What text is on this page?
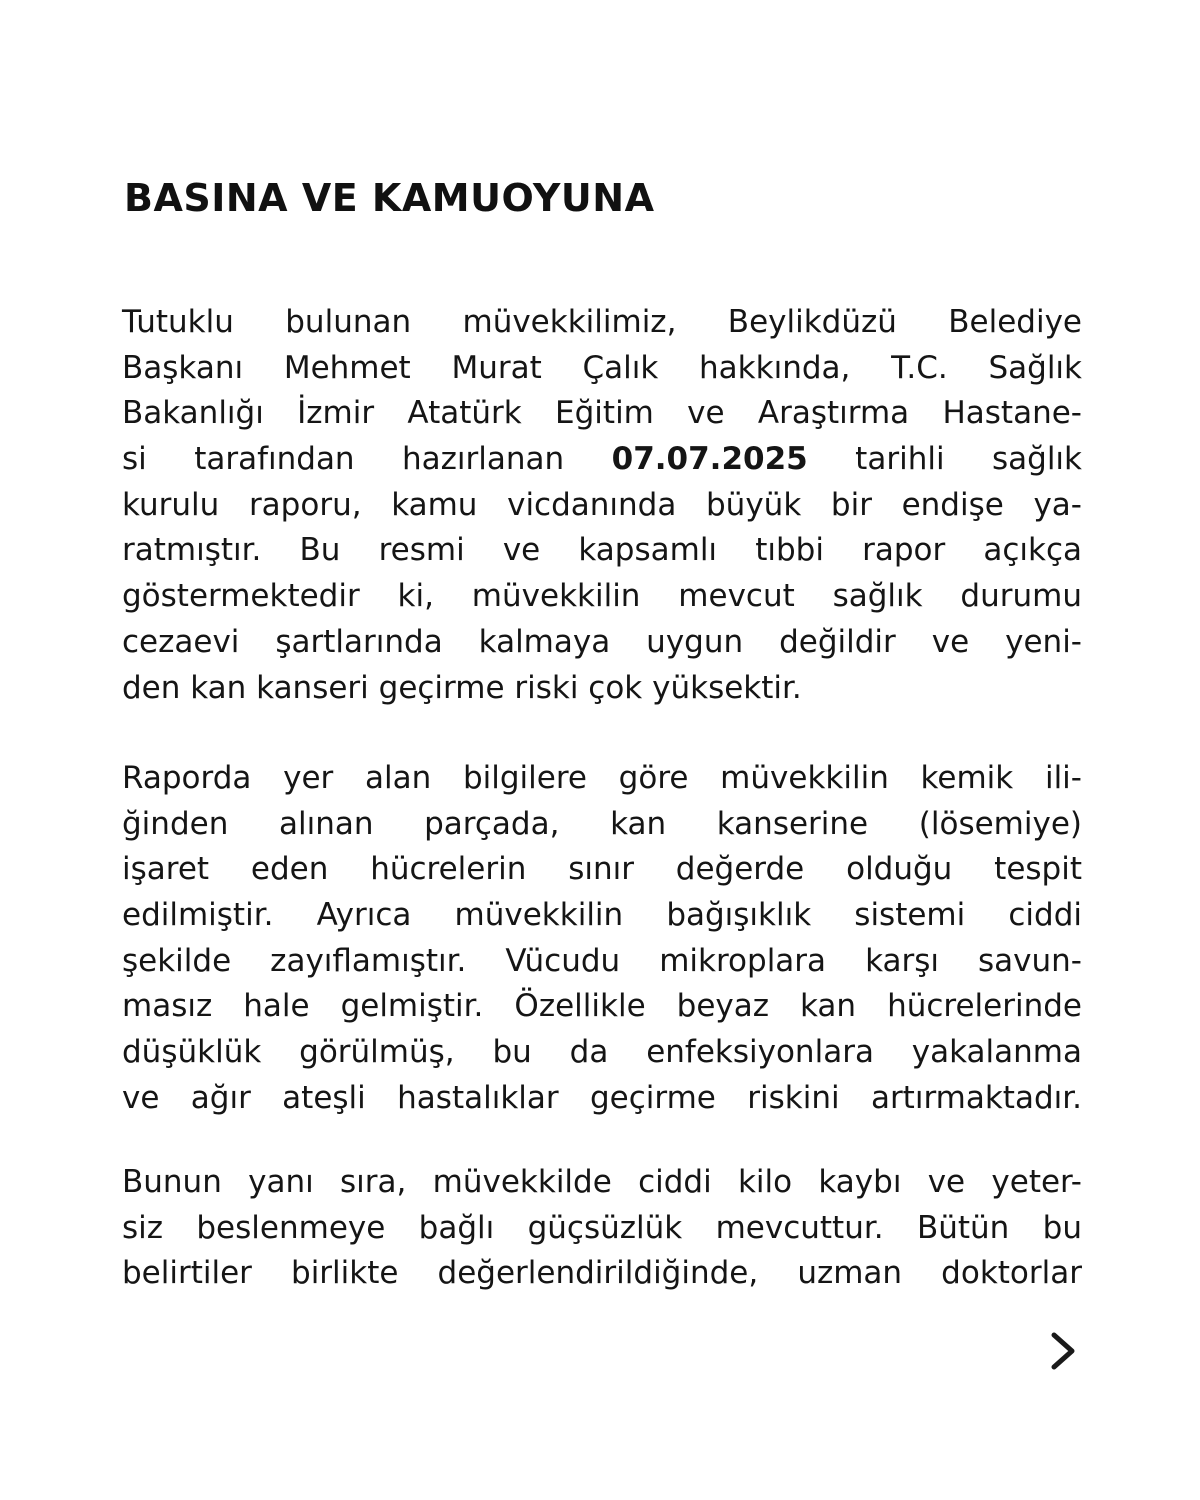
BASINA VE KAMUOYUNA
Tutuklu bulunan müvekkilimiz, Beylikdüzü Belediye
Başkanı Mehmet Murat Çalık hakkında, T.C. Sağlık
Bakanlığı İzmir Atatürk Eğitim ve Araştırma Hastane-
si tarafından hazırlanan 07.07.2025 tarihli sağlık
kurulu raporu, kamu vicdanında büyük bir endişe ya-
ratmıştır. Bu resmi ve kapsamlı tıbbi rapor açıkça
göstermektedir ki, müvekkilin mevcut sağlık durumu
cezaevi şartlarında kalmaya uygun değildir ve yeni-
den kan kanseri geçirme riski çok yüksektir.
Raporda yer alan bilgilere göre müvekkilin kemik ili-
ğinden alınan parçada, kan kanserine (lösemiye)
işaret eden hücrelerin sınır değerde olduğu tespit
edilmiştir. Ayrıca müvekkilin bağışıklık sistemi ciddi
şekilde zayıflamıştır. Vücudu mikroplara karşı savun-
masız hale gelmiştir. Özellikle beyaz kan hücrelerinde
düşüklük görülmüş, bu da enfeksiyonlara yakalanma
ve ağır ateşli hastalıklar geçirme riskini artırmaktadır.
Bunun yanı sıra, müvekkilde ciddi kilo kaybı ve yeter-
siz beslenmeye bağlı güçsüzlük mevcuttur. Bütün bu
belirtiler birlikte değerlendirildiğinde, uzman doktorlar
